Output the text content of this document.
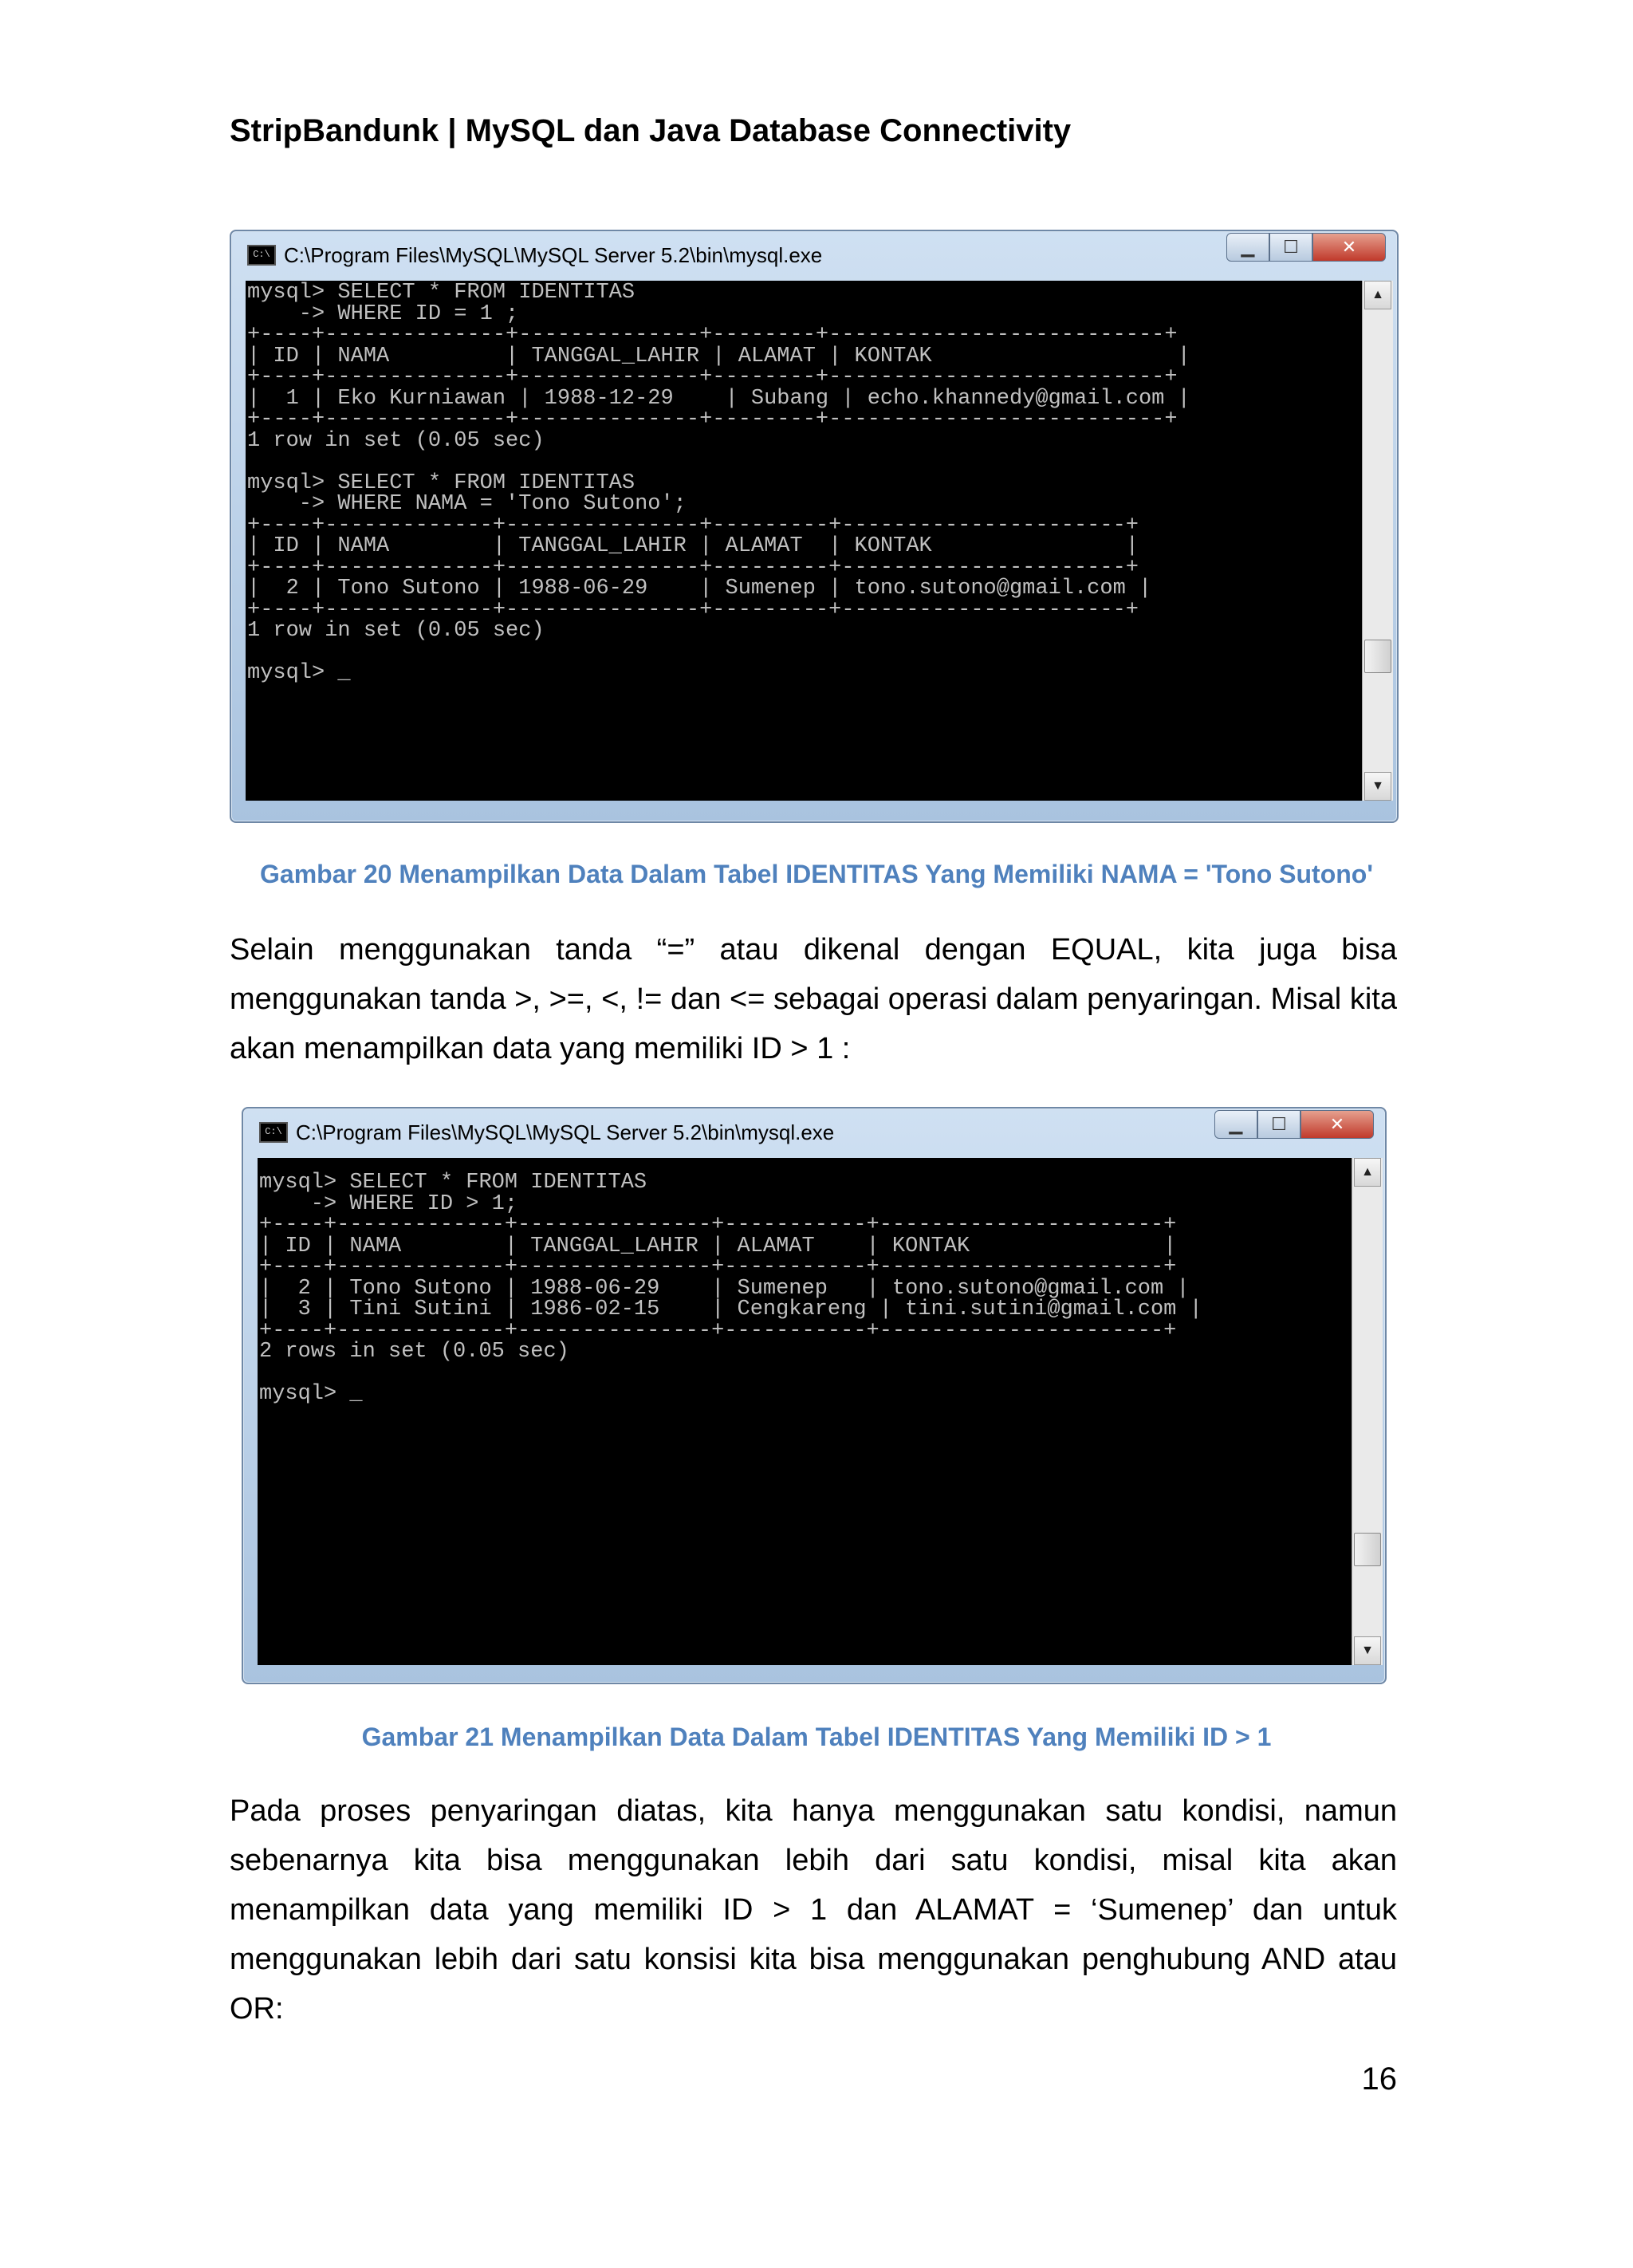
StripBandunk | MySQL dan Java Database Connectivity
C:\ C:\Program Files\MySQL\MySQL Server 5.2\bin\mysql.exe	▁	☐	✕
mysql> SELECT * FROM IDENTITAS
-> WHERE ID = 1 ;
+----+--------------+--------------+--------+--------------------------+
| ID | NAMA         | TANGGAL_LAHIR | ALAMAT | KONTAK                   |
+----+--------------+--------------+--------+--------------------------+
|  1 | Eko Kurniawan | 1988-12-29    | Subang | echo.khannedy@gmail.com |
+----+--------------+--------------+--------+--------------------------+
1 row in set (0.05 sec)

mysql> SELECT * FROM IDENTITAS
-> WHERE NAMA = 'Tono Sutono';
+----+-------------+---------------+---------+----------------------+
| ID | NAMA        | TANGGAL_LAHIR | ALAMAT  | KONTAK               |
+----+-------------+---------------+---------+----------------------+
|  2 | Tono Sutono | 1988-06-29    | Sumenep | tono.sutono@gmail.com |
+----+-------------+---------------+---------+----------------------+
1 row in set (0.05 sec)

mysql> _
▲
▼
Gambar 20 Menampilkan Data Dalam Tabel IDENTITAS Yang Memiliki NAMA = 'Tono Sutono'
Selain menggunakan tanda “=” atau dikenal dengan EQUAL, kita juga bisa menggunakan tanda >, >=, <, != dan <= sebagai operasi dalam penyaringan. Misal kita akan menampilkan data yang memiliki ID > 1 :
C:\ C:\Program Files\MySQL\MySQL Server 5.2\bin\mysql.exe	▁	☐	✕
mysql> SELECT * FROM IDENTITAS
-> WHERE ID > 1;
+----+-------------+---------------+-----------+----------------------+
| ID | NAMA        | TANGGAL_LAHIR | ALAMAT    | KONTAK               |
+----+-------------+---------------+-----------+----------------------+
|  2 | Tono Sutono | 1988-06-29    | Sumenep   | tono.sutono@gmail.com |
|  3 | Tini Sutini | 1986-02-15    | Cengkareng | tini.sutini@gmail.com |
+----+-------------+---------------+-----------+----------------------+
2 rows in set (0.05 sec)

mysql> _
▲
▼
Gambar 21 Menampilkan Data Dalam Tabel IDENTITAS Yang Memiliki ID > 1
Pada proses penyaringan diatas, kita hanya menggunakan satu kondisi, namun sebenarnya kita bisa menggunakan lebih dari satu kondisi, misal kita akan menampilkan data yang memiliki ID > 1 dan ALAMAT = ‘Sumenep’ dan untuk menggunakan lebih dari satu konsisi kita bisa menggunakan penghubung AND atau OR:
16
